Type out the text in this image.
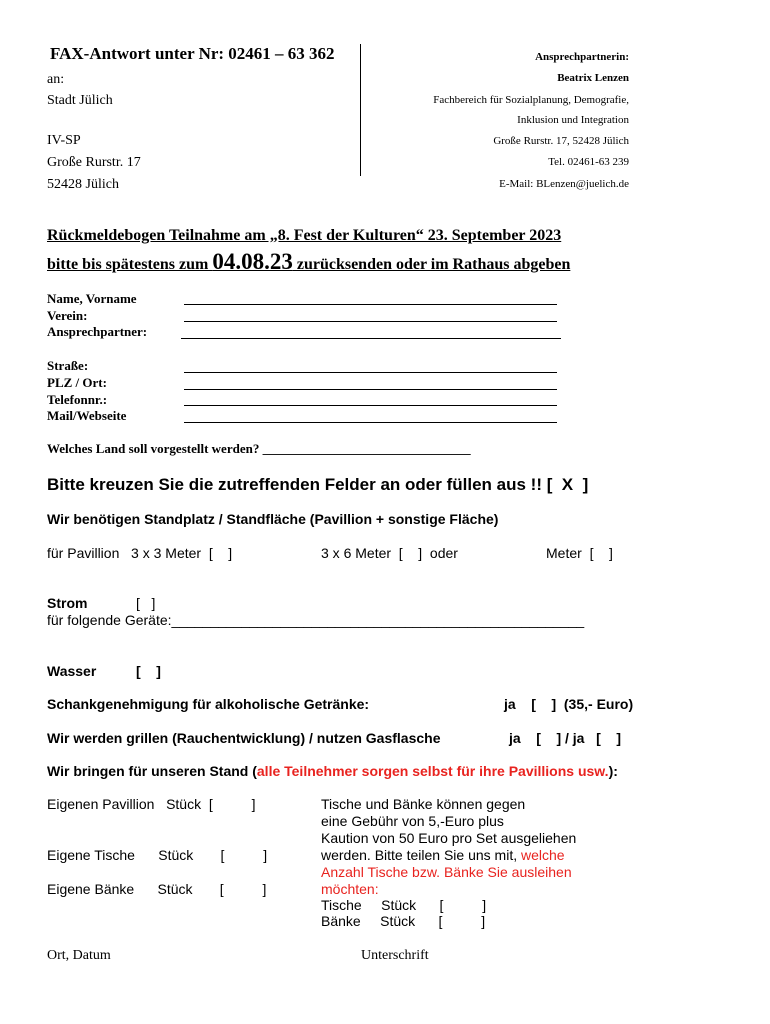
FAX-Antwort unter Nr: 02461 – 63 362
an:
Stadt Jülich
IV-SP
Große Rurstr. 17
52428 Jülich
Ansprechpartnerin:
Beatrix Lenzen
Fachbereich für Sozialplanung, Demografie,
Inklusion und Integration
Große Rurstr. 17, 52428 Jülich
Tel. 02461-63 239
E-Mail: BLenzen@juelich.de
Rückmeldebogen Teilnahme am „8. Fest der Kulturen“ 23. September 2023
bitte bis spätestens zum 04.08.23 zurücksenden oder im Rathaus abgeben
Name, Vorname
Verein:
Ansprechpartner:
Straße:
PLZ / Ort:
Telefonnr.:
Mail/Webseite
Welches Land soll vorgestellt werden? ________________________________
Bitte kreuzen Sie die zutreffenden Felder an oder füllen aus !! [  X  ]
Wir benötigen Standplatz / Standfläche (Pavillion + sonstige Fläche)
für Pavillion   3 x 3 Meter  [    ]	3 x 6 Meter  [    ]  oder	Meter  [    ]
Strom	[   ]
für folgende Geräte:_____________________________________________________
Wasser	[    ]
Schankgenehmigung für alkoholische Getränke:	ja    [    ]  (35,- Euro)
Wir werden grillen (Rauchentwicklung) / nutzen Gasflasche	ja    [    ] / ja   [    ]
Wir bringen für unseren Stand (alle Teilnehmer sorgen selbst für ihre Pavillions usw.):
Eigenen Pavillion   Stück  [          ]
Eigene Tische      Stück       [          ]
Eigene Bänke      Stück       [          ]
Tische und Bänke können gegen
eine Gebühr von 5,-Euro plus
Kaution von 50 Euro pro Set ausgeliehen
werden. Bitte teilen Sie uns mit, welche
Anzahl Tische bzw. Bänke Sie ausleihen
möchten:
Tische     Stück      [          ]
Bänke     Stück      [          ]
Ort, Datum	Unterschrift
